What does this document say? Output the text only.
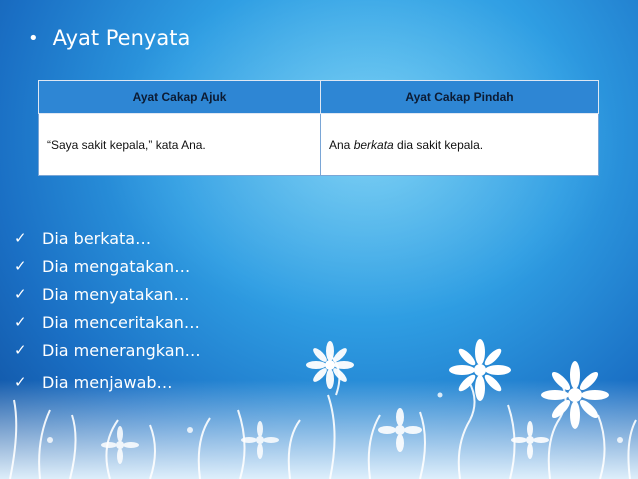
• Ayat Penyata
Ayat Cakap Ajuk	Ayat Cakap Pindah
“Saya sakit kepala,” kata Ana.	Ana berkata dia sakit kepala.
✓ Dia berkata…
✓ Dia mengatakan…
✓ Dia menyatakan…
✓ Dia menceritakan…
✓ Dia menerangkan…
✓ Dia menjawab…
